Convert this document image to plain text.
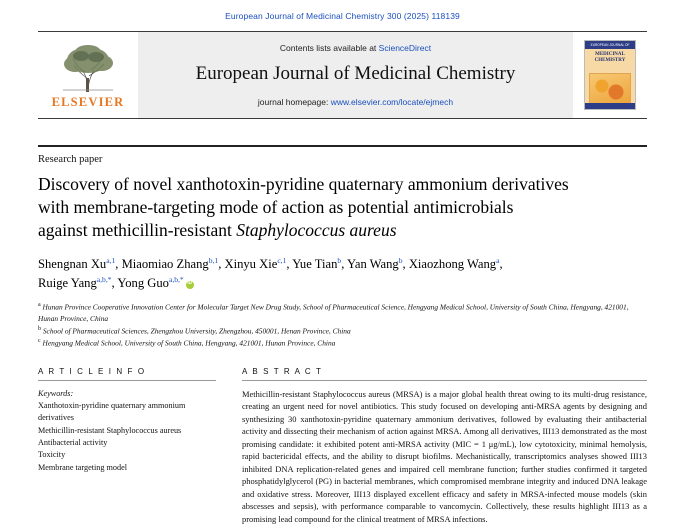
European Journal of Medicinal Chemistry 300 (2025) 118139
ELSEVIER
Contents lists available at ScienceDirect
European Journal of Medicinal Chemistry
journal homepage: www.elsevier.com/locate/ejmech
EUROPEAN JOURNAL OF
MEDICINAL CHEMISTRY
Research paper
Discovery of novel xanthotoxin-pyridine quaternary ammonium derivatives
with membrane-targeting mode of action as potential antimicrobials
against methicillin-resistant Staphylococcus aureus
Shengnan Xu$^{a,1}$, Miaomiao Zhang$^{b,1}$, Xinyu Xie$^{c,1}$, Yue Tian$^b$, Yan Wang$^b$, Xiaozhong Wang$^a$,
Ruige Yang$^{a,b,*}$, Yong Guo$^{a,b,*}$iD
$^a$ Hunan Province Cooperative Innovation Center for Molecular Target New Drug Study, School of Pharmaceutical Science, Hengyang Medical School, University of South China, Hengyang, 421001, Hunan Province, China
$^b$ School of Pharmaceutical Sciences, Zhengzhou University, Zhengzhou, 450001, Henan Province, China
$^c$ Hengyang Medical School, University of South China, Hengyang, 421001, Hunan Province, China
A R T I C L E I N F O
Keywords:
Xanthotoxin-pyridine quaternary ammonium derivatives
Methicillin-resistant Staphylococcus aureus
Antibacterial activity
Toxicity
Membrane targeting model
A B S T R A C T
Methicillin-resistant Staphylococcus aureus (MRSA) is a major global health threat owing to its multi-drug resistance, creating an urgent need for novel antibiotics. This study focused on developing anti-MRSA agents by designing and synthesizing 30 xanthotoxin-pyridine quaternary ammonium derivatives, followed by evaluating their antibacterial activity and dissecting their mechanism of action against MRSA. Among all derivatives, III13 demonstrated as the most promising candidate: it exhibited potent anti-MRSA activity (MIC = 1 μg/mL), low cytotoxicity, minimal hemolysis, rapid bactericidal effects, and the ability to disrupt biofilms. Mechanistically, transcriptomics analyses showed III13 inhibited DNA replication-related genes and impaired cell membrane function; further studies confirmed it targeted phosphatidylglycerol (PG) in bacterial membranes, which compromised membrane integrity and induced DNA leakage and oxidative stress. Moreover, III13 displayed excellent efficacy and safety in MRSA-infected mouse models (skin abscesses and sepsis), with performance comparable to vancomycin. Collectively, these results highlight III13 as a promising lead compound for the clinical treatment of MRSA infections.
